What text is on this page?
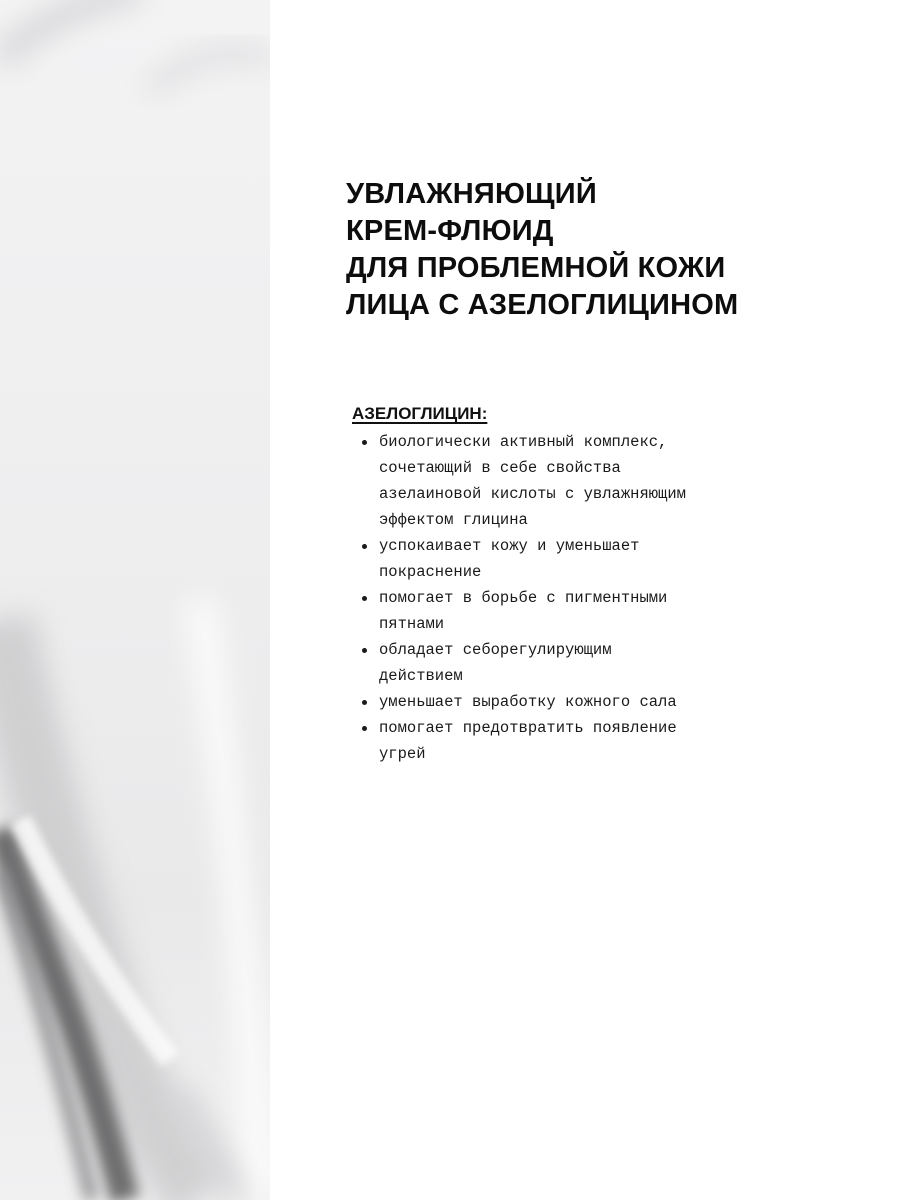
УВЛАЖНЯЮЩИЙ
КРЕМ-ФЛЮИД
ДЛЯ ПРОБЛЕМНОЙ КОЖИ
ЛИЦА С АЗЕЛОГЛИЦИНОМ
АЗЕЛОГЛИЦИН:
биологически активный комплекс,
сочетающий в себе свойства
азелаиновой кислоты с увлажняющим
эффектом глицина
успокаивает кожу и уменьшает
покраснение
помогает в борьбе с пигментными
пятнами
обладает себорегулирующим
действием
уменьшает выработку кожного сала
помогает предотвратить появление
угрей
